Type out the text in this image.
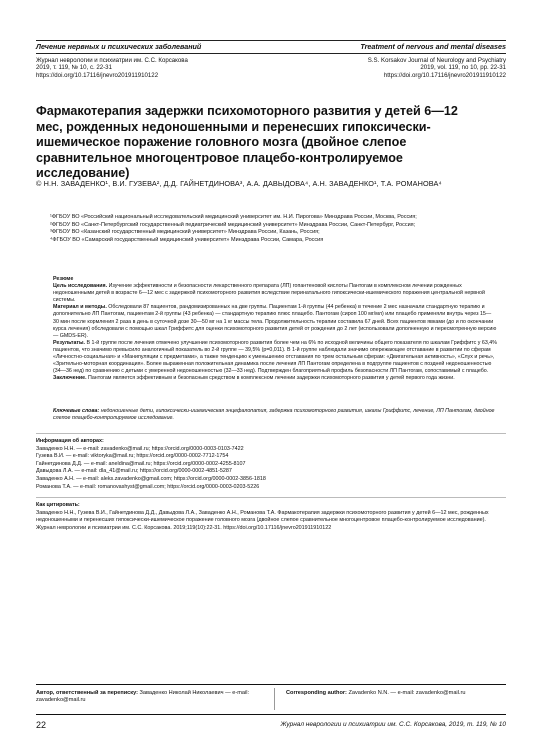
Лечение нервных и психических заболеваний	Treatment of nervous and mental diseases
Журнал неврологии и психиатрии им. С.С. Корсакова
2019, т. 119, № 10, с. 22-31
https://doi.org/10.17116/jnevro201911910122
S.S. Korsakov Journal of Neurology and Psychiatry
2019, vol. 119, no 10, pp. 22-31
https://doi.org/10.17116/jnevro201911910122
Фармакотерапия задержки психомоторного развития у детей 6—12 мес, рожденных недоношенными и перенесших гипоксически-ишемическое поражение головного мозга (двойное слепое сравнительное многоцентровое плацебо-контролируемое исследование)
© Н.Н. ЗАВАДЕНКО¹, В.И. ГУЗЕВА², Д.Д. ГАЙНЕТДИНОВА³, А.А. ДАВЫДОВА⁴, А.Н. ЗАВАДЕНКО¹, Т.А. РОМАНОВА⁴

¹ФГБОУ ВО «Российский национальный исследовательский медицинский университет им. Н.И. Пирогова» Минздрава России, Москва, Россия;

²ФГБОУ ВО «Санкт-Петербургский государственный педиатрический медицинский университет» Минздрава России, Санкт-Петербург, Россия;

³ФГБОУ ВО «Казанский государственный медицинский университет» Минздрава России, Казань, Россия;

⁴ФГБОУ ВО «Самарский государственный медицинский университет» Минздрава России, Самара, Россия

Резюме

Цель исследования. Изучение эффективности и безопасности лекарственного препарата (ЛП) гопантеновой кислоты Пантогам в комплексном лечении рожденных недоношенными детей в возрасте 6—12 мес с задержкой психомоторного развития вследствие перинатального гипоксически-ишемического поражения центральной нервной системы.

Материал и методы. Обследовали 87 пациентов, рандомизированных на две группы. Пациентам 1-й группы (44 ребенка) в течение 2 мес назначали стандартную терапию и дополнительно ЛП Пантогам, пациентам 2-й группы (43 ребенка) — стандартную терапию плюс плацебо. Пантогам (сироп 100 мг/мл) или плацебо применяли внутрь через 15—30 мин после кормления 2 раза в день в суточной дозе 30—50 мг на 1 кг массы тела. Продолжительность терапии составила 67 дней. Всех пациентов явками (до и по окончании курса лечения) обследовали с помощью шкал Гриффитс для оценки психомоторного развития детей от рождения до 2 лет (использовали дополненную и пересмотренную версию — GMDS-ER).

Результаты. В 1-й группе после лечения отмечено улучшение психомоторного развития более чем на 6% по исходной величины общего показателя по шкалам Гриффитс у 63,4% пациентов, что значимо превысило аналогичный показатель во 2-й группе — 39,5% (p=0,011). В 1-й группе наблюдали значимо опережающее отставание в развитии по сферам «Личностно-социальная» и «Манипуляции с предметами», а также тенденцию к уменьшению отставания по трем остальным сферам: «Двигательная активность», «Слух и речь», «Зрительно-моторная координация». Более выраженная положительная динамика после лечения ЛП Пантогам определена в подгруппе пациентов с поздней недоношенностью (34—36 нед) по сравнению с детьми с умеренной недоношенностью (32—33 нед). Подтвержден благоприятный профиль безопасности ЛП Пантогам, сопоставимый с плацебо.

Заключение. Пантогам является эффективным и безопасным средством в комплексном лечении задержки психомоторного развития у детей первого года жизни.

Ключевые слова: недоношенные дети, гипоксически-ишемическая энцефалопатия, задержка психомоторного развития, шкалы Гриффитс, лечение, ЛП Пантогам, двойное слепое плацебо-контролируемое исследование.

Информация об авторах:

Заваденко Н.Н. — e-mail: zavadenko@mail.ru; https://orcid.org/0000-0003-0103-7422

Гузева В.И. — e-mail: viktoryka@mail.ru; https://orcid.org/0000-0002-7712-1754

Гайнетдинова Д.Д. — e-mail: aneldina@mail.ru; https://orcid.org/0000-0002-4255-8107

Давыдова Л.А. — e-mail: dla_41@mail.ru; https://orcid.org/0000-0002-4851-5287

Заваденко А.Н. — e-mail: aleks.zavadenko@gmail.com; https://orcid.org/0000-0002-3856-1818

Романова Т.А. — e-mail: romanovashyst@gmail.com; https://orcid.org/0000-0003-0203-5226

Как цитировать:

Заваденко Н.Н., Гузева В.И., Гайнетдинова Д.Д., Давыдова Л.А., Заваденко А.Н., Романова Т.А. Фармакотерапия задержки психомоторного развития у детей 6—12 мес, рожденных недоношенными и перенесших гипоксически-ишемическое поражение головного мозга (двойное слепое сравнительное многоцентровое плацебо-контролируемое исследование). Журнал неврологии и психиатрии им. С.С. Корсакова. 2019;119(10):22-31. https://doi.org/10.17116/jnevro201911910122

Автор, ответственный за переписку: Заваденко Николай Николаевич — e-mail: zavadenko@mail.ru
Corresponding author: Zavadenko N.N. — e-mail: zavadenko@mail.ru
22	Журнал неврологии и психиатрии им. С.С. Корсакова, 2019, т. 119, № 10
